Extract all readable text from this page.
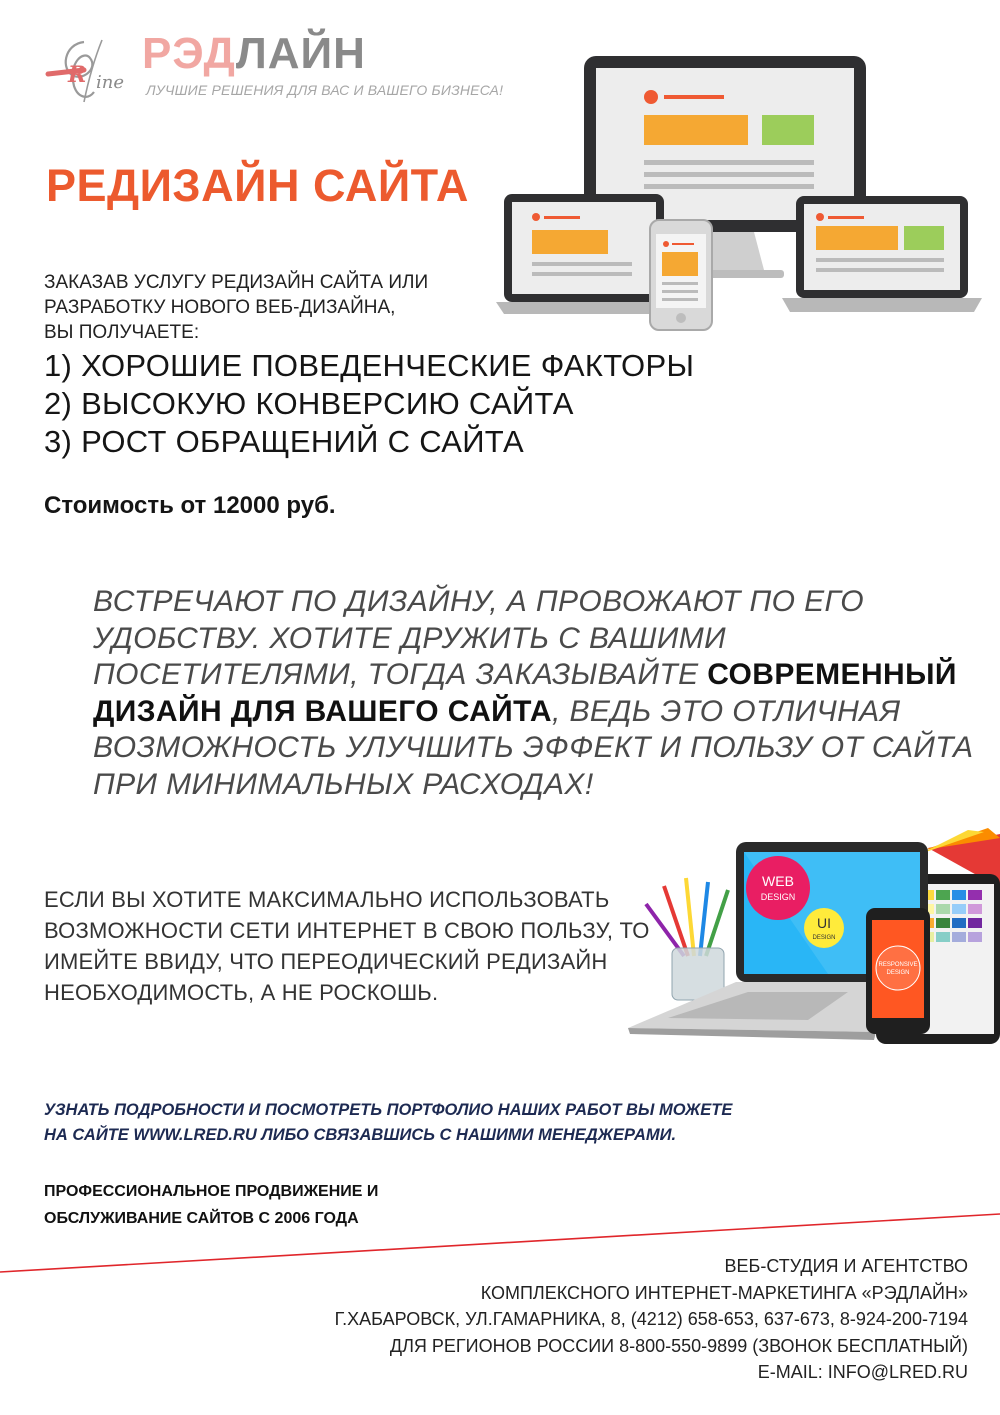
R ine
РЭДЛАЙН
ЛУЧШИЕ РЕШЕНИЯ ДЛЯ ВАС И ВАШЕГО БИЗНЕСА!
РЕДИЗАЙН САЙТА
ЗАКАЗАВ УСЛУГУ РЕДИЗАЙН САЙТА ИЛИ
РАЗРАБОТКУ НОВОГО ВЕБ-ДИЗАЙНА,
ВЫ ПОЛУЧАЕТЕ:
1) ХОРОШИЕ ПОВЕДЕНЧЕСКИЕ ФАКТОРЫ
2) ВЫСОКУЮ КОНВЕРСИЮ САЙТА
3) РОСТ ОБРАЩЕНИЙ С САЙТА
Стоимость от 12000 руб.
ВСТРЕЧАЮТ ПО ДИЗАЙНУ, А ПРОВОЖАЮТ ПО ЕГО
УДОБСТВУ. ХОТИТЕ ДРУЖИТЬ С ВАШИМИ
ПОСЕТИТЕЛЯМИ, ТОГДА ЗАКАЗЫВАЙТЕ СОВРЕМЕННЫЙ
ДИЗАЙН ДЛЯ ВАШЕГО САЙТА, ВЕДЬ ЭТО ОТЛИЧНАЯ
ВОЗМОЖНОСТЬ УЛУЧШИТЬ ЭФФЕКТ И ПОЛЬЗУ ОТ САЙТА
ПРИ МИНИМАЛЬНЫХ РАСХОДАХ!
ЕСЛИ ВЫ ХОТИТЕ МАКСИМАЛЬНО ИСПОЛЬЗОВАТЬ
ВОЗМОЖНОСТИ СЕТИ ИНТЕРНЕТ В СВОЮ ПОЛЬЗУ, ТО
ИМЕЙТЕ ВВИДУ, ЧТО ПЕРЕОДИЧЕСКИЙ РЕДИЗАЙН
НЕОБХОДИМОСТЬ, А НЕ РОСКОШЬ.
WEB
DESIGN
UI
DESIGN
RESPONSIVE
DESIGN
УЗНАТЬ ПОДРОБНОСТИ И ПОСМОТРЕТЬ ПОРТФОЛИО НАШИХ РАБОТ ВЫ МОЖЕТЕ
НА САЙТЕ WWW.LRED.RU ЛИБО СВЯЗАВШИСЬ С НАШИМИ МЕНЕДЖЕРАМИ.
ПРОФЕССИОНАЛЬНОЕ ПРОДВИЖЕНИЕ И
ОБСЛУЖИВАНИЕ САЙТОВ С 2006 ГОДА
ВЕБ-СТУДИЯ И АГЕНТСТВО
КОМПЛЕКСНОГО ИНТЕРНЕТ-МАРКЕТИНГА «РЭДЛАЙН»
Г.ХАБАРОВСК, УЛ.ГАМАРНИКА, 8, (4212) 658-653, 637-673, 8-924-200-7194
ДЛЯ РЕГИОНОВ РОССИИ 8-800-550-9899 (ЗВОНОК БЕСПЛАТНЫЙ)
E-MAIL: INFO@LRED.RU
